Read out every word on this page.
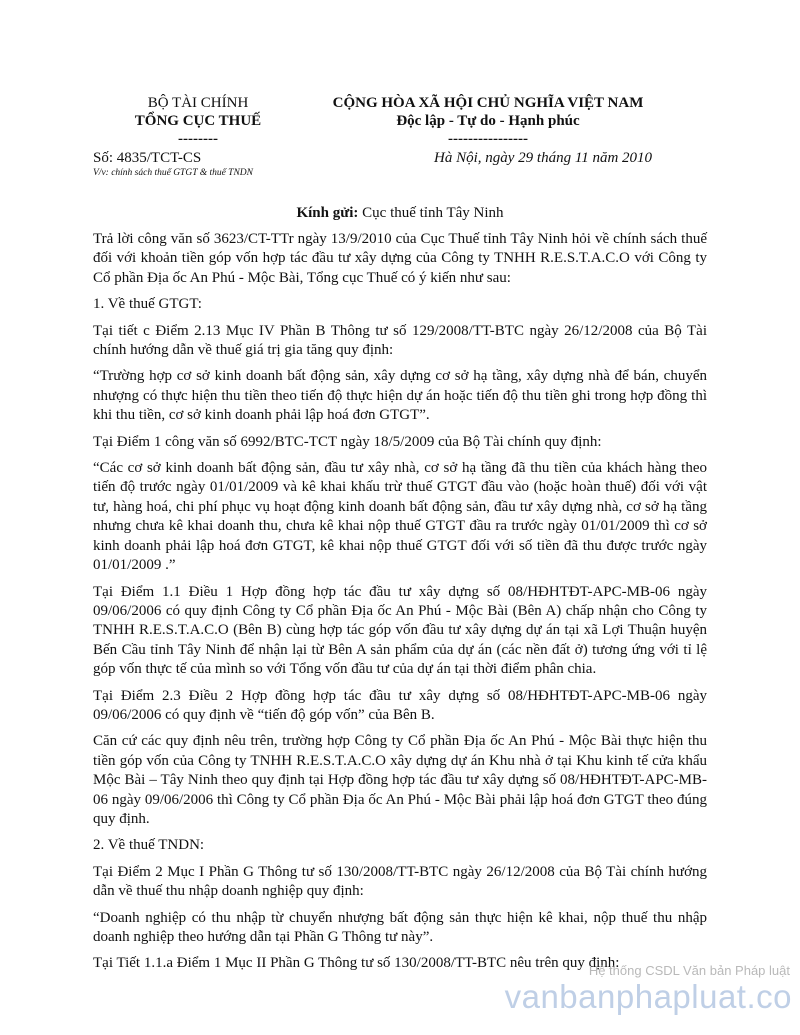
BỘ TÀI CHÍNH
TỔNG CỤC THUẾ
--------
CỘNG HÒA XÃ HỘI CHỦ NGHĨA VIỆT NAM
Độc lập - Tự do - Hạnh phúc
----------------
Số: 4835/TCT-CS
V/v: chính sách thuế GTGT & thuế TNDN
Hà Nội, ngày 29 tháng 11 năm 2010
Kính gửi: Cục thuế tỉnh Tây Ninh

Trả lời công văn số 3623/CT-TTr ngày 13/9/2010 của Cục Thuế tỉnh Tây Ninh hỏi về chính sách thuế đối với khoản tiền góp vốn hợp tác đầu tư xây dựng của Công ty TNHH R.E.S.T.A.C.O với Công ty Cổ phần Địa ốc An Phú - Mộc Bài, Tổng cục Thuế có ý kiến như sau:

1. Về thuế GTGT:

Tại tiết c Điểm 2.13 Mục IV Phần B Thông tư số 129/2008/TT-BTC ngày 26/12/2008 của Bộ Tài chính hướng dẫn về thuế giá trị gia tăng quy định:

“Trường hợp cơ sở kinh doanh bất động sản, xây dựng cơ sở hạ tầng, xây dựng nhà để bán, chuyển nhượng có thực hiện thu tiền theo tiến độ thực hiện dự án hoặc tiến độ thu tiền ghi trong hợp đồng thì khi thu tiền, cơ sở kinh doanh phải lập hoá đơn GTGT”.

Tại Điểm 1 công văn số 6992/BTC-TCT ngày 18/5/2009 của Bộ Tài chính quy định:

“Các cơ sở kinh doanh bất động sản, đầu tư xây nhà, cơ sở hạ tầng đã thu tiền của khách hàng theo tiến độ trước ngày 01/01/2009 và kê khai khấu trừ thuế GTGT đầu vào (hoặc hoàn thuế) đối với vật tư, hàng hoá, chi phí phục vụ hoạt động kinh doanh bất động sản, đầu tư xây dựng nhà, cơ sở hạ tầng nhưng chưa kê khai doanh thu, chưa kê khai nộp thuế GTGT đầu ra trước ngày 01/01/2009 thì cơ sở kinh doanh phải lập hoá đơn GTGT, kê khai nộp thuế GTGT đối với số tiền đã thu được trước ngày 01/01/2009 .”

Tại Điểm 1.1 Điều 1 Hợp đồng hợp tác đầu tư xây dựng số 08/HĐHTĐT-APC-MB-06 ngày 09/06/2006 có quy định Công ty Cổ phần Địa ốc An Phú - Mộc Bài (Bên A) chấp nhận cho Công ty TNHH R.E.S.T.A.C.O (Bên B) cùng hợp tác góp vốn đầu tư xây dựng dự án tại xã Lợi Thuận huyện Bến Cầu tỉnh Tây Ninh để nhận lại từ Bên A sản phẩm của dự án (các nền đất ở) tương ứng với tỉ lệ góp vốn thực tế của mình so với Tổng vốn đầu tư của dự án tại thời điểm phân chia.

Tại Điểm 2.3 Điều 2 Hợp đồng hợp tác đầu tư xây dựng số 08/HĐHTĐT-APC-MB-06 ngày 09/06/2006 có quy định về “tiến độ góp vốn” của Bên B.

Căn cứ các quy định nêu trên, trường hợp Công ty Cổ phần Địa ốc An Phú - Mộc Bài thực hiện thu tiền góp vốn của Công ty TNHH R.E.S.T.A.C.O xây dựng dự án Khu nhà ở tại Khu kinh tế cửa khẩu Mộc Bài – Tây Ninh theo quy định tại Hợp đồng hợp tác đầu tư xây dựng số 08/HĐHTĐT-APC-MB-06 ngày 09/06/2006 thì Công ty Cổ phần Địa ốc An Phú - Mộc Bài phải lập hoá đơn GTGT theo đúng quy định.

2. Về thuế TNDN:

Tại Điểm 2 Mục I Phần G Thông tư số 130/2008/TT-BTC ngày 26/12/2008 của Bộ Tài chính hướng dẫn về thuế thu nhập doanh nghiệp quy định:

“Doanh nghiệp có thu nhập từ chuyển nhượng bất động sản thực hiện kê khai, nộp thuế thu nhập doanh nghiệp theo hướng dẫn tại Phần G Thông tư này”.

Tại Tiết 1.1.a Điểm 1 Mục II Phần G Thông tư số 130/2008/TT-BTC nêu trên quy định:

Hệ thống CSDL Văn bản Pháp luật
vanbanphapluat.co
